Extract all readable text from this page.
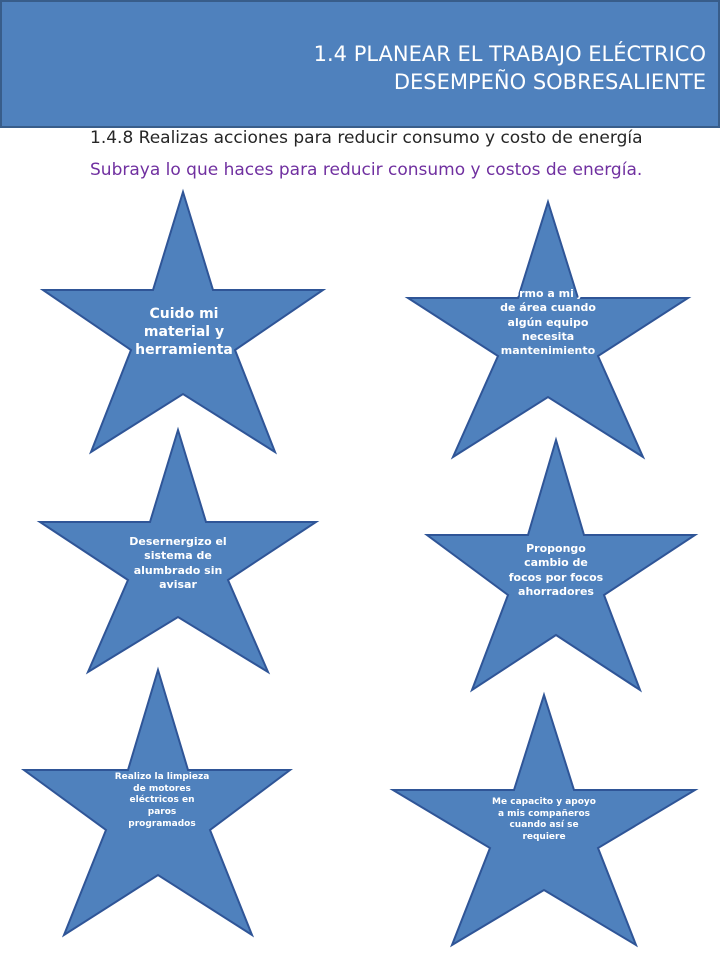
1.4 PLANEAR EL TRABAJO ELÉCTRICO
DESEMPEÑO SOBRESALIENTE
1.4.8 Realizas acciones para reducir consumo y costo de energía
Subraya lo que haces para reducir consumo y costos de energía.
Cuido mi material y herramienta
Informo a mi jefe de área cuando algún equipo necesita mantenimiento
Desernergizo el sistema de alumbrado sin avisar
Propongo cambio de focos por focos ahorradores
Realizo la limpieza de motores eléctricos en paros programados
Me capacito y apoyo a mis compañeros cuando así se requiere
